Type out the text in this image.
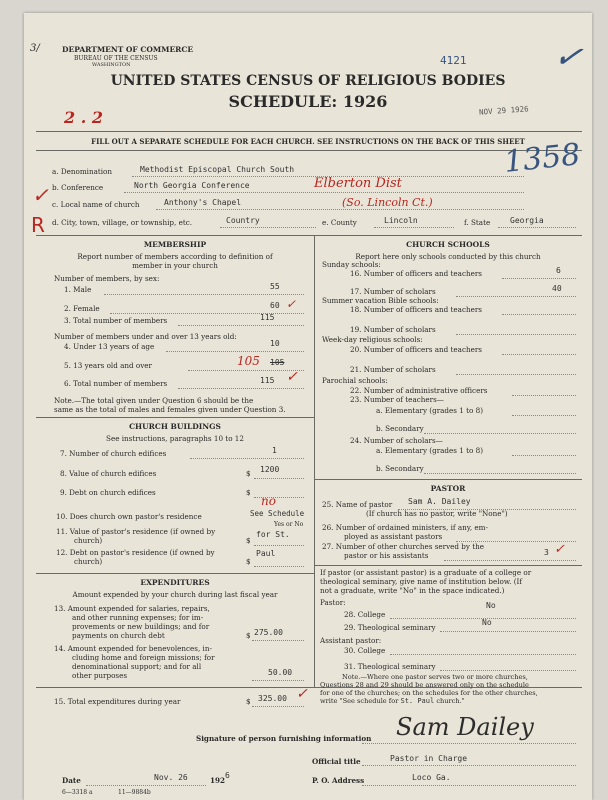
3/	DEPARTMENT OF COMMERCE
BUREAU OF THE CENSUS
WASHINGTON	4121
UNITED STATES CENSUS OF RELIGIOUS BODIES
SCHEDULE: 1926
2 . 2	NOV 29 1926
✓
FILL OUT A SEPARATE SCHEDULE FOR EACH CHURCH. SEE INSTRUCTIONS ON THE BACK OF THIS SHEET
a. Denomination	Methodist Episcopal Church South
b. Conference	North Georgia Conference	Elberton Dist
c. Local name of church	Anthony's Chapel	(So. Lincoln Ct.)
1358
✓
R d. City, town, village, or township, etc.	Country	e. County	Lincoln	f. State Georgia
MEMBERSHIP
Report number of members according to definition of
member in your church
Number of members, by sex:
1. Male	55
2. Female	60 ✓
3. Total number of members	115
Number of members under and over 13 years old:
4. Under 13 years of age	10
5. 13 years old and over	105 105
6. Total number of members	115 ✓
Note.—The total given under Question 6 should be the
same as the total of males and females given under Question 3.
CHURCH BUILDINGS
See instructions, paragraphs 10 to 12
7. Number of church edifices	1
8. Value of church edifices	$ 1200
9. Debt on church edifices	$
10. Does church own pastor's residence	See Schedule
no
Yes or No
11. Value of pastor's residence (if owned by
church)	$
for St.
12. Debt on pastor's residence (if owned by
church)	$
Paul
EXPENDITURES
Amount expended by your church during last fiscal year
13. Amount expended for salaries, repairs,
and other running expenses; for im-
provements or new buildings; and for
payments on church debt	$ 275.00
14. Amount expended for benevolences, in-
cluding home and foreign missions; for
denominational support; and for all
other purposes	50.00
15. Total expenditures during year	$ 325.00 ✓
CHURCH SCHOOLS
Report here only schools conducted by this church
Sunday schools:
16. Number of officers and teachers	6
17. Number of scholars	40
Summer vacation Bible schools:
18. Number of officers and teachers
19. Number of scholars
Week-day religious schools:
20. Number of officers and teachers
21. Number of scholars
Parochial schools:
22. Number of administrative officers
23. Number of teachers—
a. Elementary (grades 1 to 8)
b. Secondary
24. Number of scholars—
a. Elementary (grades 1 to 8)
b. Secondary
PASTOR
25. Name of pastor Sam A. Dailey
(If church has no pastor, write "None")
26. Number of ordained ministers, if any, em-
ployed as assistant pastors
27. Number of other churches served by the
pastor or his assistants	3 ✓
If pastor (or assistant pastor) is a graduate of a college or
theological seminary, give name of institution below. (If
not a graduate, write "No" in the space indicated.)
Pastor:
28. College
No
29. Theological seminary
No
Assistant pastor:
30. College
31. Theological seminary
Note.—Where one pastor serves two or more churches,
Questions 28 and 29 should be answered only on the schedule
for one of the churches; on the schedules for the other churches,
write "See schedule for St. Paul church."
Signature of person furnishing information Sam Dailey
Official title	Pastor in Charge
Date	Nov. 26	192
6
P. O. Address	Loco Ga.
6—3318 a	11—9884b
